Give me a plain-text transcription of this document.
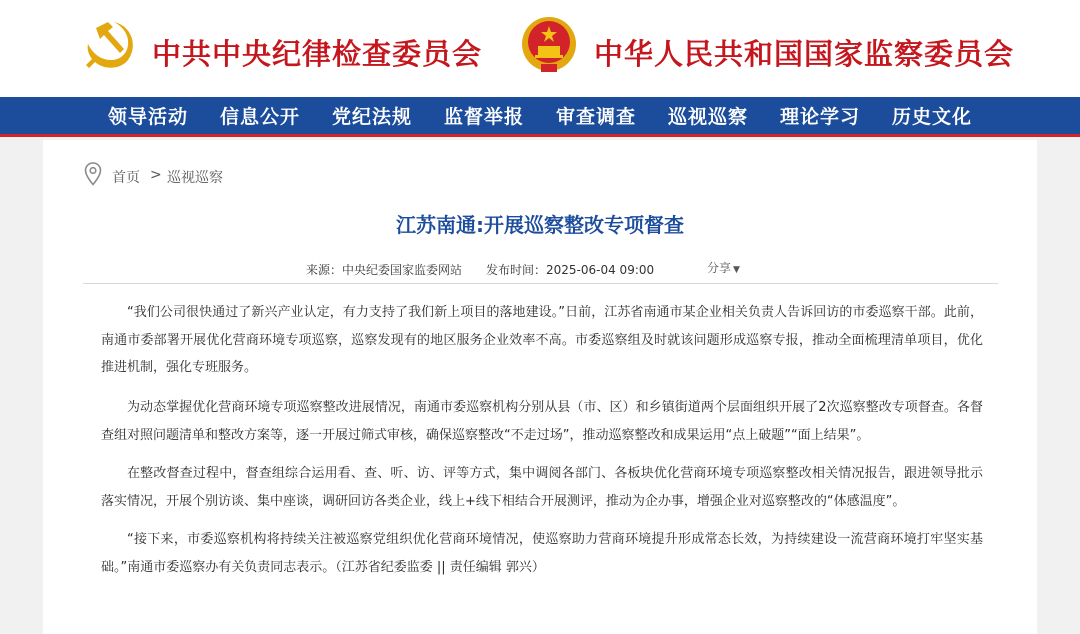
中共中央纪律检查委员会	中华人民共和国国家监察委员会
领导活动 信息公开 党纪法规 监督举报 审查调查 巡视巡察 理论学习 历史文化
首页 > 巡视巡察
江苏南通:开展巡察整改专项督查
来源：中央纪委国家监委网站 发布时间：2025-06-04 09:00	分享 ▼

“我们公司很快通过了新兴产业认定，有力支持了我们新上项目的落地建设。”日前，江苏省南通市某企业相关负责人告诉回访的市委巡察干部。此前，南通市委部署开展优化营商环境专项巡察，巡察发现有的地区服务企业效率不高。市委巡察组及时就该问题形成巡察专报，推动全面梳理清单项目，优化推进机制，强化专班服务。

为动态掌握优化营商环境专项巡察整改进展情况，南通市委巡察机构分别从县（市、区）和乡镇街道两个层面组织开展了2次巡察整改专项督查。各督查组对照问题清单和整改方案等，逐一开展过筛式审核，确保巡察整改“不走过场”，推动巡察整改和成果运用“点上破题”“面上结果”。

在整改督查过程中，督查组综合运用看、查、听、访、评等方式，集中调阅各部门、各板块优化营商环境专项巡察整改相关情况报告，跟进领导批示落实情况，开展个别访谈、集中座谈，调研回访各类企业，线上+线下相结合开展测评，推动为企办事，增强企业对巡察整改的“体感温度”。

“接下来，市委巡察机构将持续关注被巡察党组织优化营商环境情况，使巡察助力营商环境提升形成常态长效，为持续建设一流营商环境打牢坚实基础。”南通市委巡察办有关负责同志表示。（江苏省纪委监委 || 责任编辑 郭兴）
